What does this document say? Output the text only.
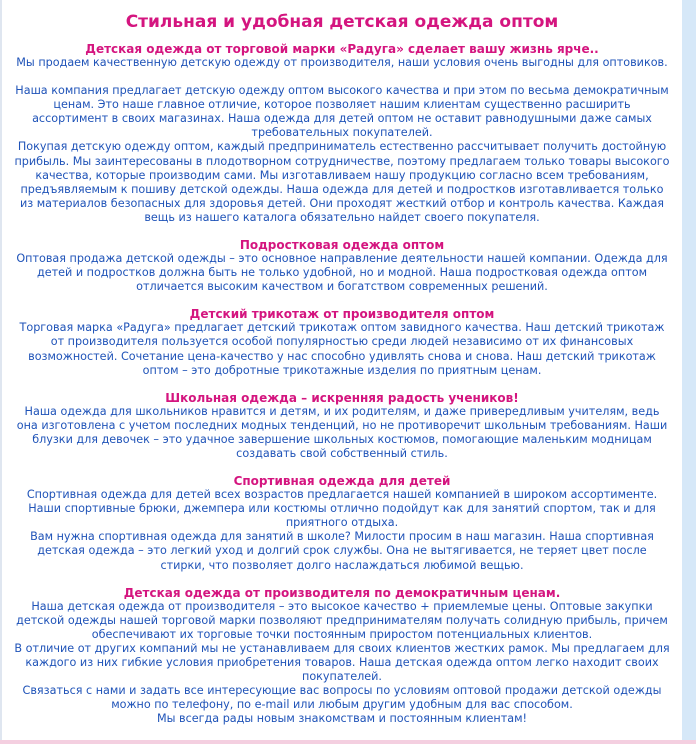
Стильная и удобная детская одежда оптом
Детская одежда от торговой марки «Радуга» сделает вашу жизнь ярче..

Мы продаем качественную детскую одежду от производителя, наши условия очень выгодны для оптовиков.

Наша компания предлагает детскую одежду оптом высокого качества и при этом по весьма демократичным ценам. Это наше главное отличие, которое позволяет нашим клиентам существенно расширить ассортимент в своих магазинах. Наша одежда для детей оптом не оставит равнодушными даже самых требовательных покупателей.

Покупая детскую одежду оптом, каждый предприниматель естественно рассчитывает получить достойную прибыль. Мы заинтересованы в плодотворном сотрудничестве, поэтому предлагаем только товары высокого качества, которые производим сами. Мы изготавливаем нашу продукцию согласно всем требованиям, предъявляемым к пошиву детской одежды. Наша одежда для детей и подростков изготавливается только из материалов безопасных для здоровья детей. Они проходят жесткий отбор и контроль качества. Каждая вещь из нашего каталога обязательно найдет своего покупателя.

Подростковая одежда оптом

Оптовая продажа детской одежды – это основное направление деятельности нашей компании. Одежда для детей и подростков должна быть не только удобной, но и модной. Наша подростковая одежда оптом отличается высоким качеством и богатством современных решений.

Детский трикотаж от производителя оптом

Торговая марка «Радуга» предлагает детский трикотаж оптом завидного качества. Наш детский трикотаж от производителя пользуется особой популярностью среди людей независимо от их финансовых возможностей. Сочетание цена-качество у нас способно удивлять снова и снова. Наш детский трикотаж оптом – это добротные трикотажные изделия по приятным ценам.

Школьная одежда – искренняя радость учеников!

Наша одежда для школьников нравится и детям, и их родителям, и даже привередливым учителям, ведь она изготовлена с учетом последних модных тенденций, но не противоречит школьным требованиям. Наши блузки для девочек – это удачное завершение школьных костюмов, помогающие маленьким модницам создавать свой собственный стиль.

Спортивная одежда для детей

Спортивная одежда для детей всех возрастов предлагается нашей компанией в широком ассортименте. Наши спортивные брюки, джемпера или костюмы отлично подойдут как для занятий спортом, так и для приятного отдыха.

Вам нужна спортивная одежда для занятий в школе? Милости просим в наш магазин. Наша спортивная детская одежда – это легкий уход и долгий срок службы. Она не вытягивается, не теряет цвет после стирки, что позволяет долго наслаждаться любимой вещью.

Детская одежда от производителя по демократичным ценам.

Наша детская одежда от производителя – это высокое качество + приемлемые цены. Оптовые закупки детской одежды нашей торговой марки позволяют предпринимателям получать солидную прибыль, причем обеспечивают их торговые точки постоянным приростом потенциальных клиентов.

В отличие от других компаний мы не устанавливаем для своих клиентов жестких рамок. Мы предлагаем для каждого из них гибкие условия приобретения товаров. Наша детская одежда оптом легко находит своих покупателей.

Связаться с нами и задать все интересующие вас вопросы по условиям оптовой продажи детской одежды можно по телефону, по e-mail или любым другим удобным для вас способом.

Мы всегда рады новым знакомствам и постоянным клиентам!
